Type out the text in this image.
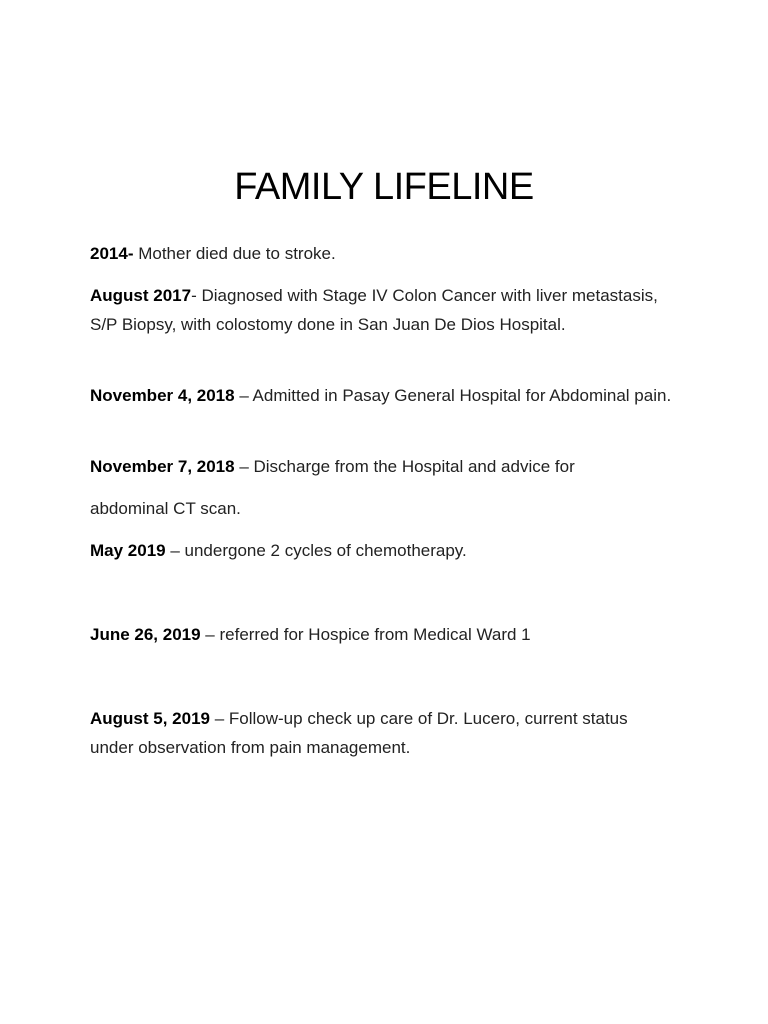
FAMILY LIFELINE
2014- Mother died due to stroke.
August 2017- Diagnosed with Stage IV Colon Cancer with liver metastasis, S/P Biopsy, with colostomy done in San Juan De Dios Hospital.
November 4, 2018 – Admitted in Pasay General Hospital for Abdominal pain.
November 7, 2018 – Discharge from the Hospital and advice for
abdominal CT scan.
May 2019 – undergone 2 cycles of chemotherapy.
June 26, 2019 – referred for Hospice from Medical Ward 1
August 5, 2019 – Follow-up check up care of Dr. Lucero, current status under observation from pain management.
